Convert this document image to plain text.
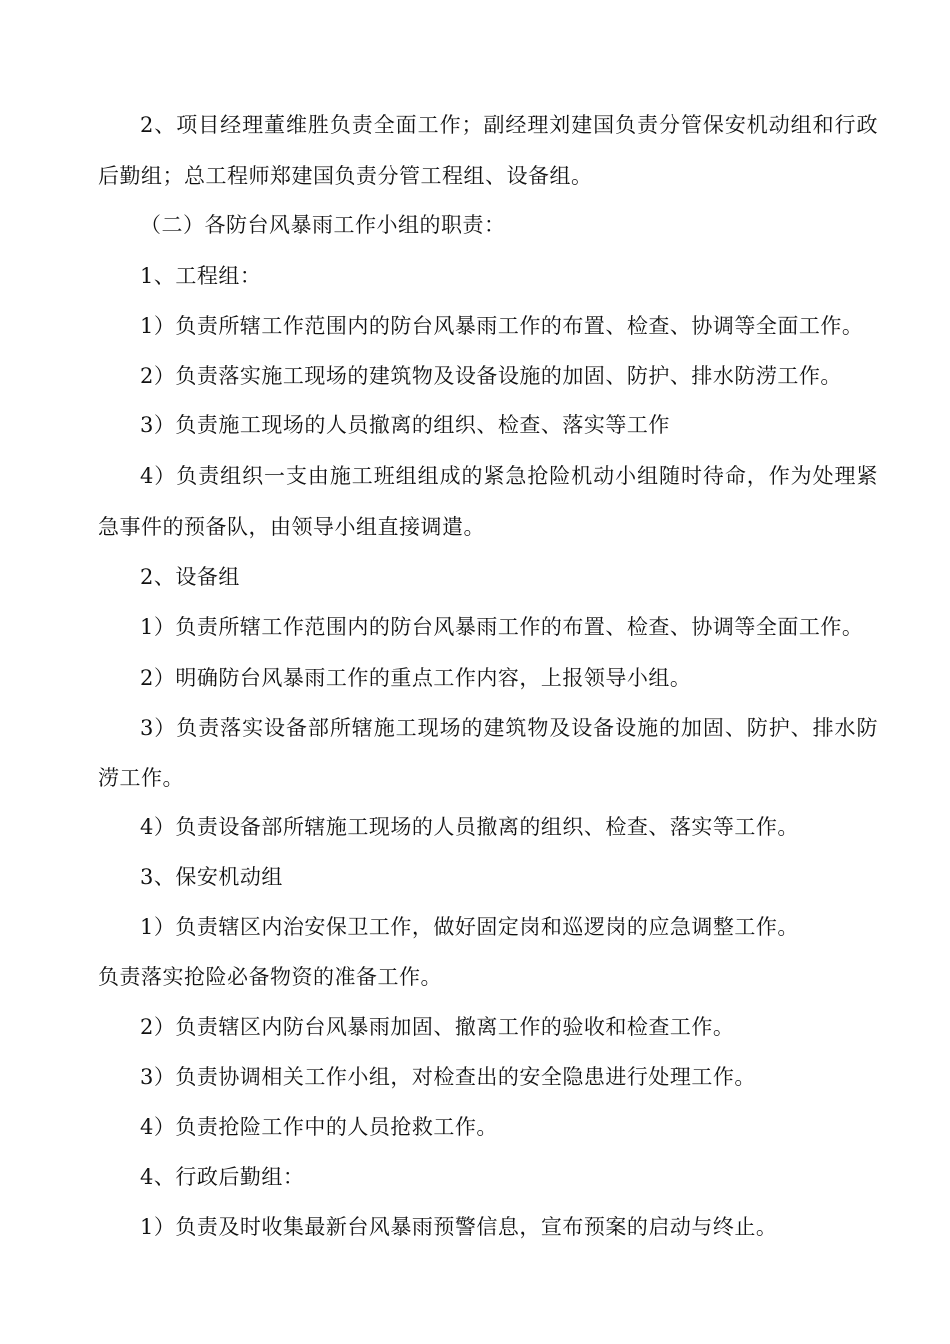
2、项目经理董维胜负责全面工作；副经理刘建国负责分管保安机动组和行政
后勤组；总工程师郑建国负责分管工程组、设备组。
（二）各防台风暴雨工作小组的职责：
1、工程组：
1）负责所辖工作范围内的防台风暴雨工作的布置、检查、协调等全面工作。
2）负责落实施工现场的建筑物及设备设施的加固、防护、排水防涝工作。
3）负责施工现场的人员撤离的组织、检查、落实等工作
4）负责组织一支由施工班组组成的紧急抢险机动小组随时待命，作为处理紧
急事件的预备队，由领导小组直接调遣。
2、设备组
1）负责所辖工作范围内的防台风暴雨工作的布置、检查、协调等全面工作。
2）明确防台风暴雨工作的重点工作内容，上报领导小组。
3）负责落实设备部所辖施工现场的建筑物及设备设施的加固、防护、排水防
涝工作。
4）负责设备部所辖施工现场的人员撤离的组织、检查、落实等工作。
3、保安机动组
1）负责辖区内治安保卫工作，做好固定岗和巡逻岗的应急调整工作。
负责落实抢险必备物资的准备工作。
2）负责辖区内防台风暴雨加固、撤离工作的验收和检查工作。
3）负责协调相关工作小组，对检查出的安全隐患进行处理工作。
4）负责抢险工作中的人员抢救工作。
4、行政后勤组：
1）负责及时收集最新台风暴雨预警信息，宣布预案的启动与终止。
